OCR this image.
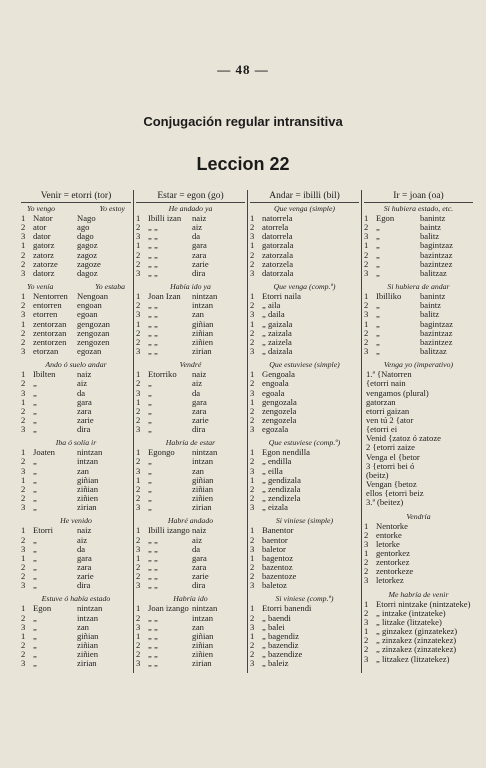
— 48 —
Conjugación regular intransitiva
Leccion 22
Venir = etorri (tor)
Yo vengo	Yo estoy
1 Nator	Nago
2 ator	ago
3 dator	dago
1 gatorz	gagoz
2 zatorz	zagoz
2 zatorze	zagoze
3 datorz	dagoz
Yo venía	Yo estaba
1 Nentorren	Nengoan
2 entorren	engoan
3 etorren	egoan
1 zentorzan	gengozan
2 zentorzan	zengozan
2 zentorzen	zengozen
3 etorzan	egozan
Ando ó suelo andar
1 Ibilten	naiz
2 „	aiz
3 „	da
1 „	gara
2 „	zara
2 „	zarie
3 „	dira
Iba ó solía ir
1 Joaten	nintzan
2 „	intzan
3 „	zan
1 „	giñian
2 „	ziñian
2 „	ziñien
3 „	zirian
He venido
1 Etorri	naiz
2 „	aiz
3 „	da
1 „	gara
2 „	zara
2 „	zarie
3 „	dira
Estuve ó había estado
1 Egon	nintzan
2 „	intzan
3 „	zan
1 „	giñian
2 „	ziñian
2 „	ziñien
3 „	zirian
Estar = egon (go)
He andado ya
1 Ibilli izan	naiz
2 „ „	aiz
3 „ „	da
1 „ „	gara
2 „ „	zara
2 „ „	zarie
3 „ „	dira
Había ido ya
1 Joan Izan	nintzan
2 „ „	intzan
3 „ „	zan
1 „ „	giñian
2 „ „	ziñian
2 „ „	ziñien
3 „ „	zirian
Vendré
1 Etorriko	naiz
2 „	aiz
3 „	da
1 „	gara
2 „	zara
2 „	zarie
3 „	dira
Habría de estar
1 Egongo	nintzan
2 „	intzan
3 „	zan
1 „	giñian
2 „	ziñian
2 „	ziñien
3 „	zirian
Habré andado
1 Ibilli izango naiz
2 „ „	aiz
3 „ „	da
1 „ „	gara
2 „ „	zara
2 „ „	zarie
3 „ „	dira
Habría ido
1 Joan izango nintzan
2 „ „	intzan
3 „ „	zan
1 „ „	giñian
2 „ „	ziñian
2 „ „	ziñien
3 „ „	zirian
Andar = ibilli (bil)
Que venga (simple)
1 natorrela
2 atorrela
3 datorrela
1 gatorzala
2 zatorzala
2 zatorzela
3 datorzala
Que venga (comp.º)
1 Etorri naila
2 „ aila
3 „ daila
1 „ gaizala
2 „ zaizala
2 „ zaizela
3 „ daizala
Que estuviese (simple)
1 Gengoala
2 engoala
3 egoala
1 gengozala
2 zengozela
2 zengozela
3 egozala
Que estuviese (comp.º)
1 Egon nendilla
2 „ endilla
3 „ eilla
1 „ gendizala
2 „ zendizala
2 „ zendizela
3 „ eizala
Si viniese (simple)
1 Banentor
2 baentor
3 baletor
1 bagentoz
2 bazentoz
2 bazentoze
3 baletoz
Si viniese (comp.º)
1 Etorri banendi
2 „ baendi
3 „ balei
1 „ bagendiz
2 „ bazendiz
2 „ bazendize
3 „ baleiz
Ir = joan (oa)
Si hubiera estado, etc.
1 Egon	banintz
2 „	baintz
3 „	balitz
1 „	bagintzaz
2 „	bazintzaz
2 „	bazintzez
3 „	balitzaz
Si hubiera de andar
1 Ibilliko	banintz
2 „	baintz
3 „	balitz
1 „	bagintzaz
2 „	bazintzaz
2 „	bazintzez
3 „	balitzaz
Venga yo (imperativo)
1.ª {Natorren
{etorri nain
vengamos (plural)
gatorzan
etorri gaizan
ven tú 2 {ator
{etorri ei
Venid {zatoz ó zatoze
2 {etorri zaize
Venga el {betor
3 {etorri bei ó
(beitz)
Vengan {betoz
ellos {etorri beiz
3.ª (beitez)
Vendría
1 Nentorke
2 entorke
3 letorke
1 gentorkez
2 zentorkez
2 zentorkeze
3 letorkez
Me habría de venir
1 Etorri nintzake (nintzateke)
2 „ intzake (intzateke)
3 „ litzake (litzateke)
1 „ ginzakez (ginzatekez)
2 „ zinzakez (zinzatekez)
2 „ zinzakez (zinzatekez)
3 „ litzakez (litzatekez)
